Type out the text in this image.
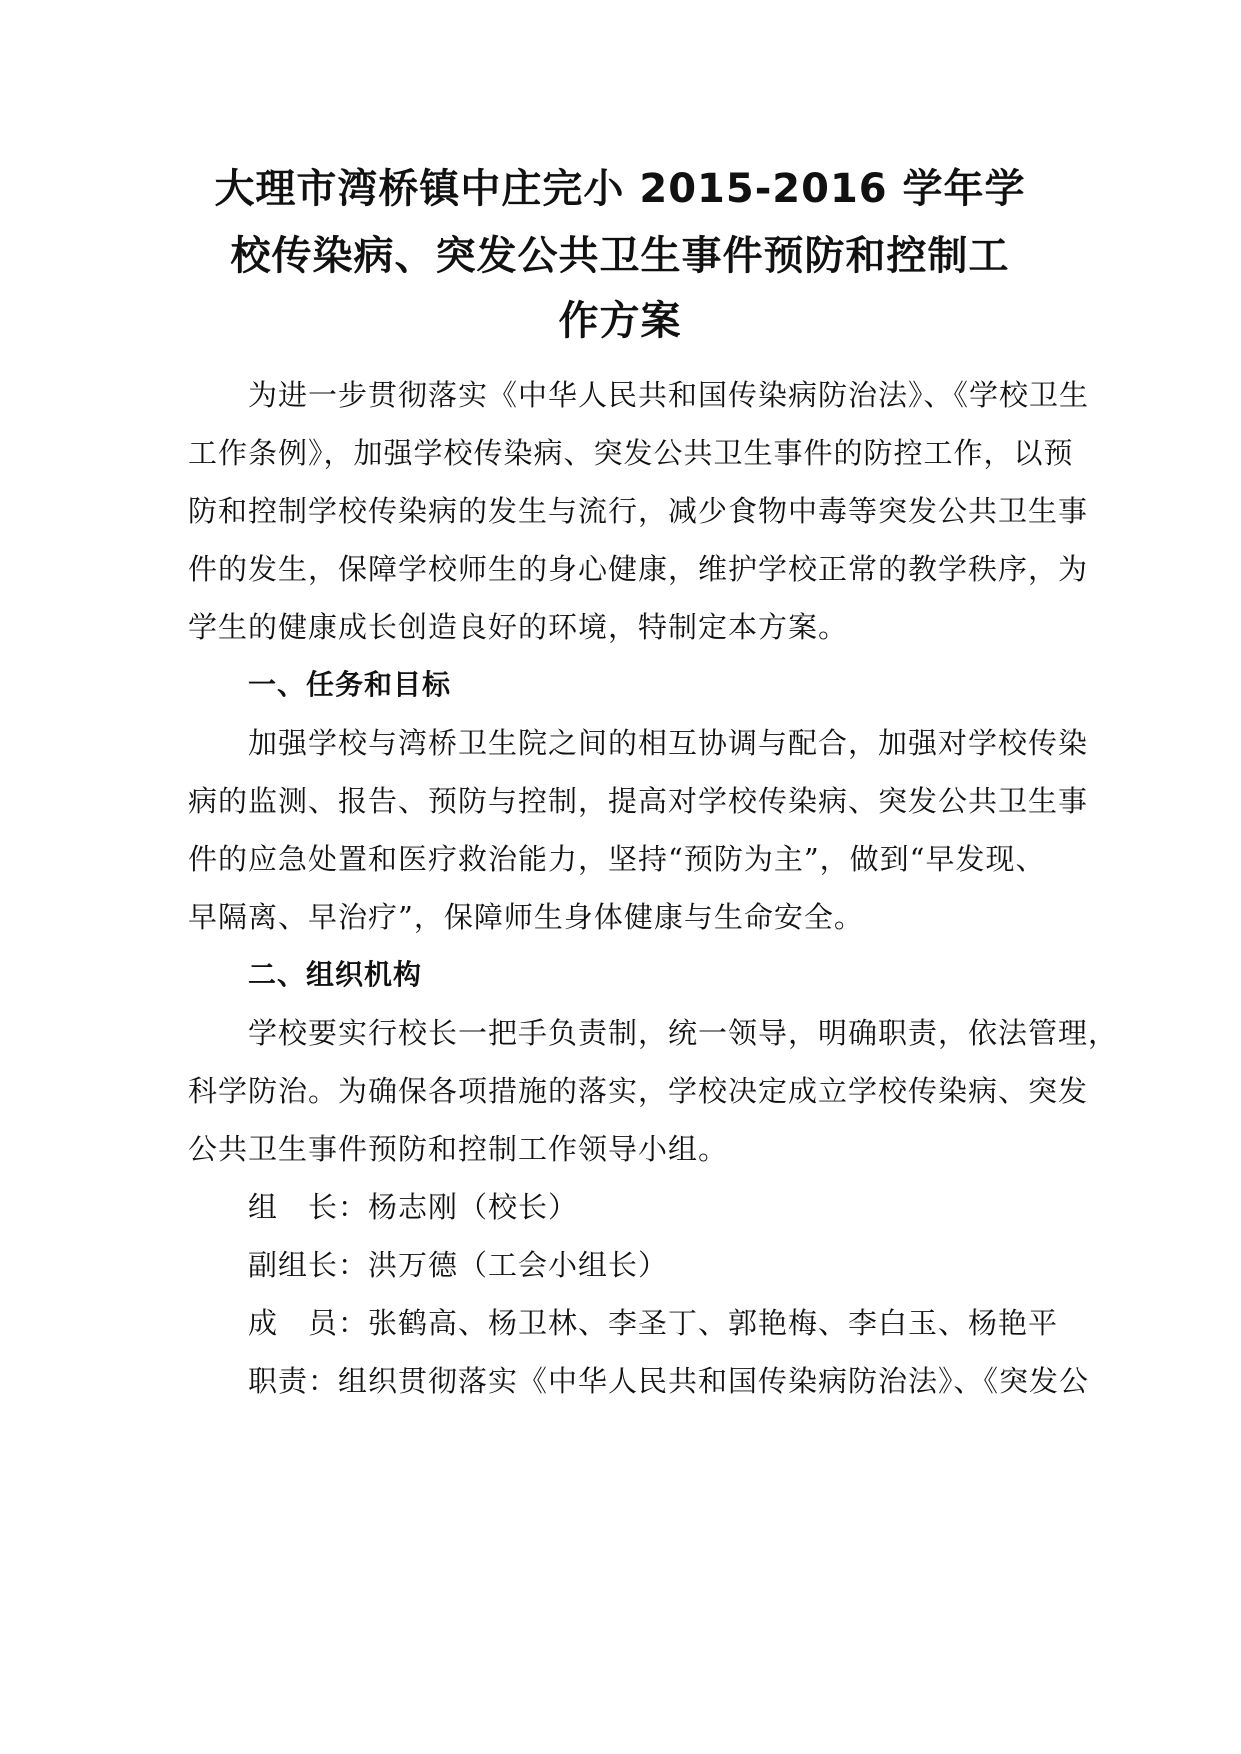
大理市湾桥镇中庄完小 2015-2016 学年学
校传染病、突发公共卫生事件预防和控制工
作方案
为进一步贯彻落实《中华人民共和国传染病防治法》、《学校卫生
工作条例》，加强学校传染病、突发公共卫生事件的防控工作，以预
防和控制学校传染病的发生与流行，减少食物中毒等突发公共卫生事
件的发生，保障学校师生的身心健康，维护学校正常的教学秩序，为
学生的健康成长创造良好的环境，特制定本方案。
一、任务和目标
加强学校与湾桥卫生院之间的相互协调与配合，加强对学校传染
病的监测、报告、预防与控制，提高对学校传染病、突发公共卫生事
件的应急处置和医疗救治能力，坚持“预防为主”，做到“早发现、
早隔离、早治疗”，保障师生身体健康与生命安全。
二、组织机构
学校要实行校长一把手负责制，统一领导，明确职责，依法管理，
科学防治。为确保各项措施的落实，学校决定成立学校传染病、突发
公共卫生事件预防和控制工作领导小组。
组　长：杨志刚（校长）
副组长：洪万德（工会小组长）
成　员：张鹤高、杨卫林、李圣丁、郭艳梅、李白玉、杨艳平
职责：组织贯彻落实《中华人民共和国传染病防治法》、《突发公
